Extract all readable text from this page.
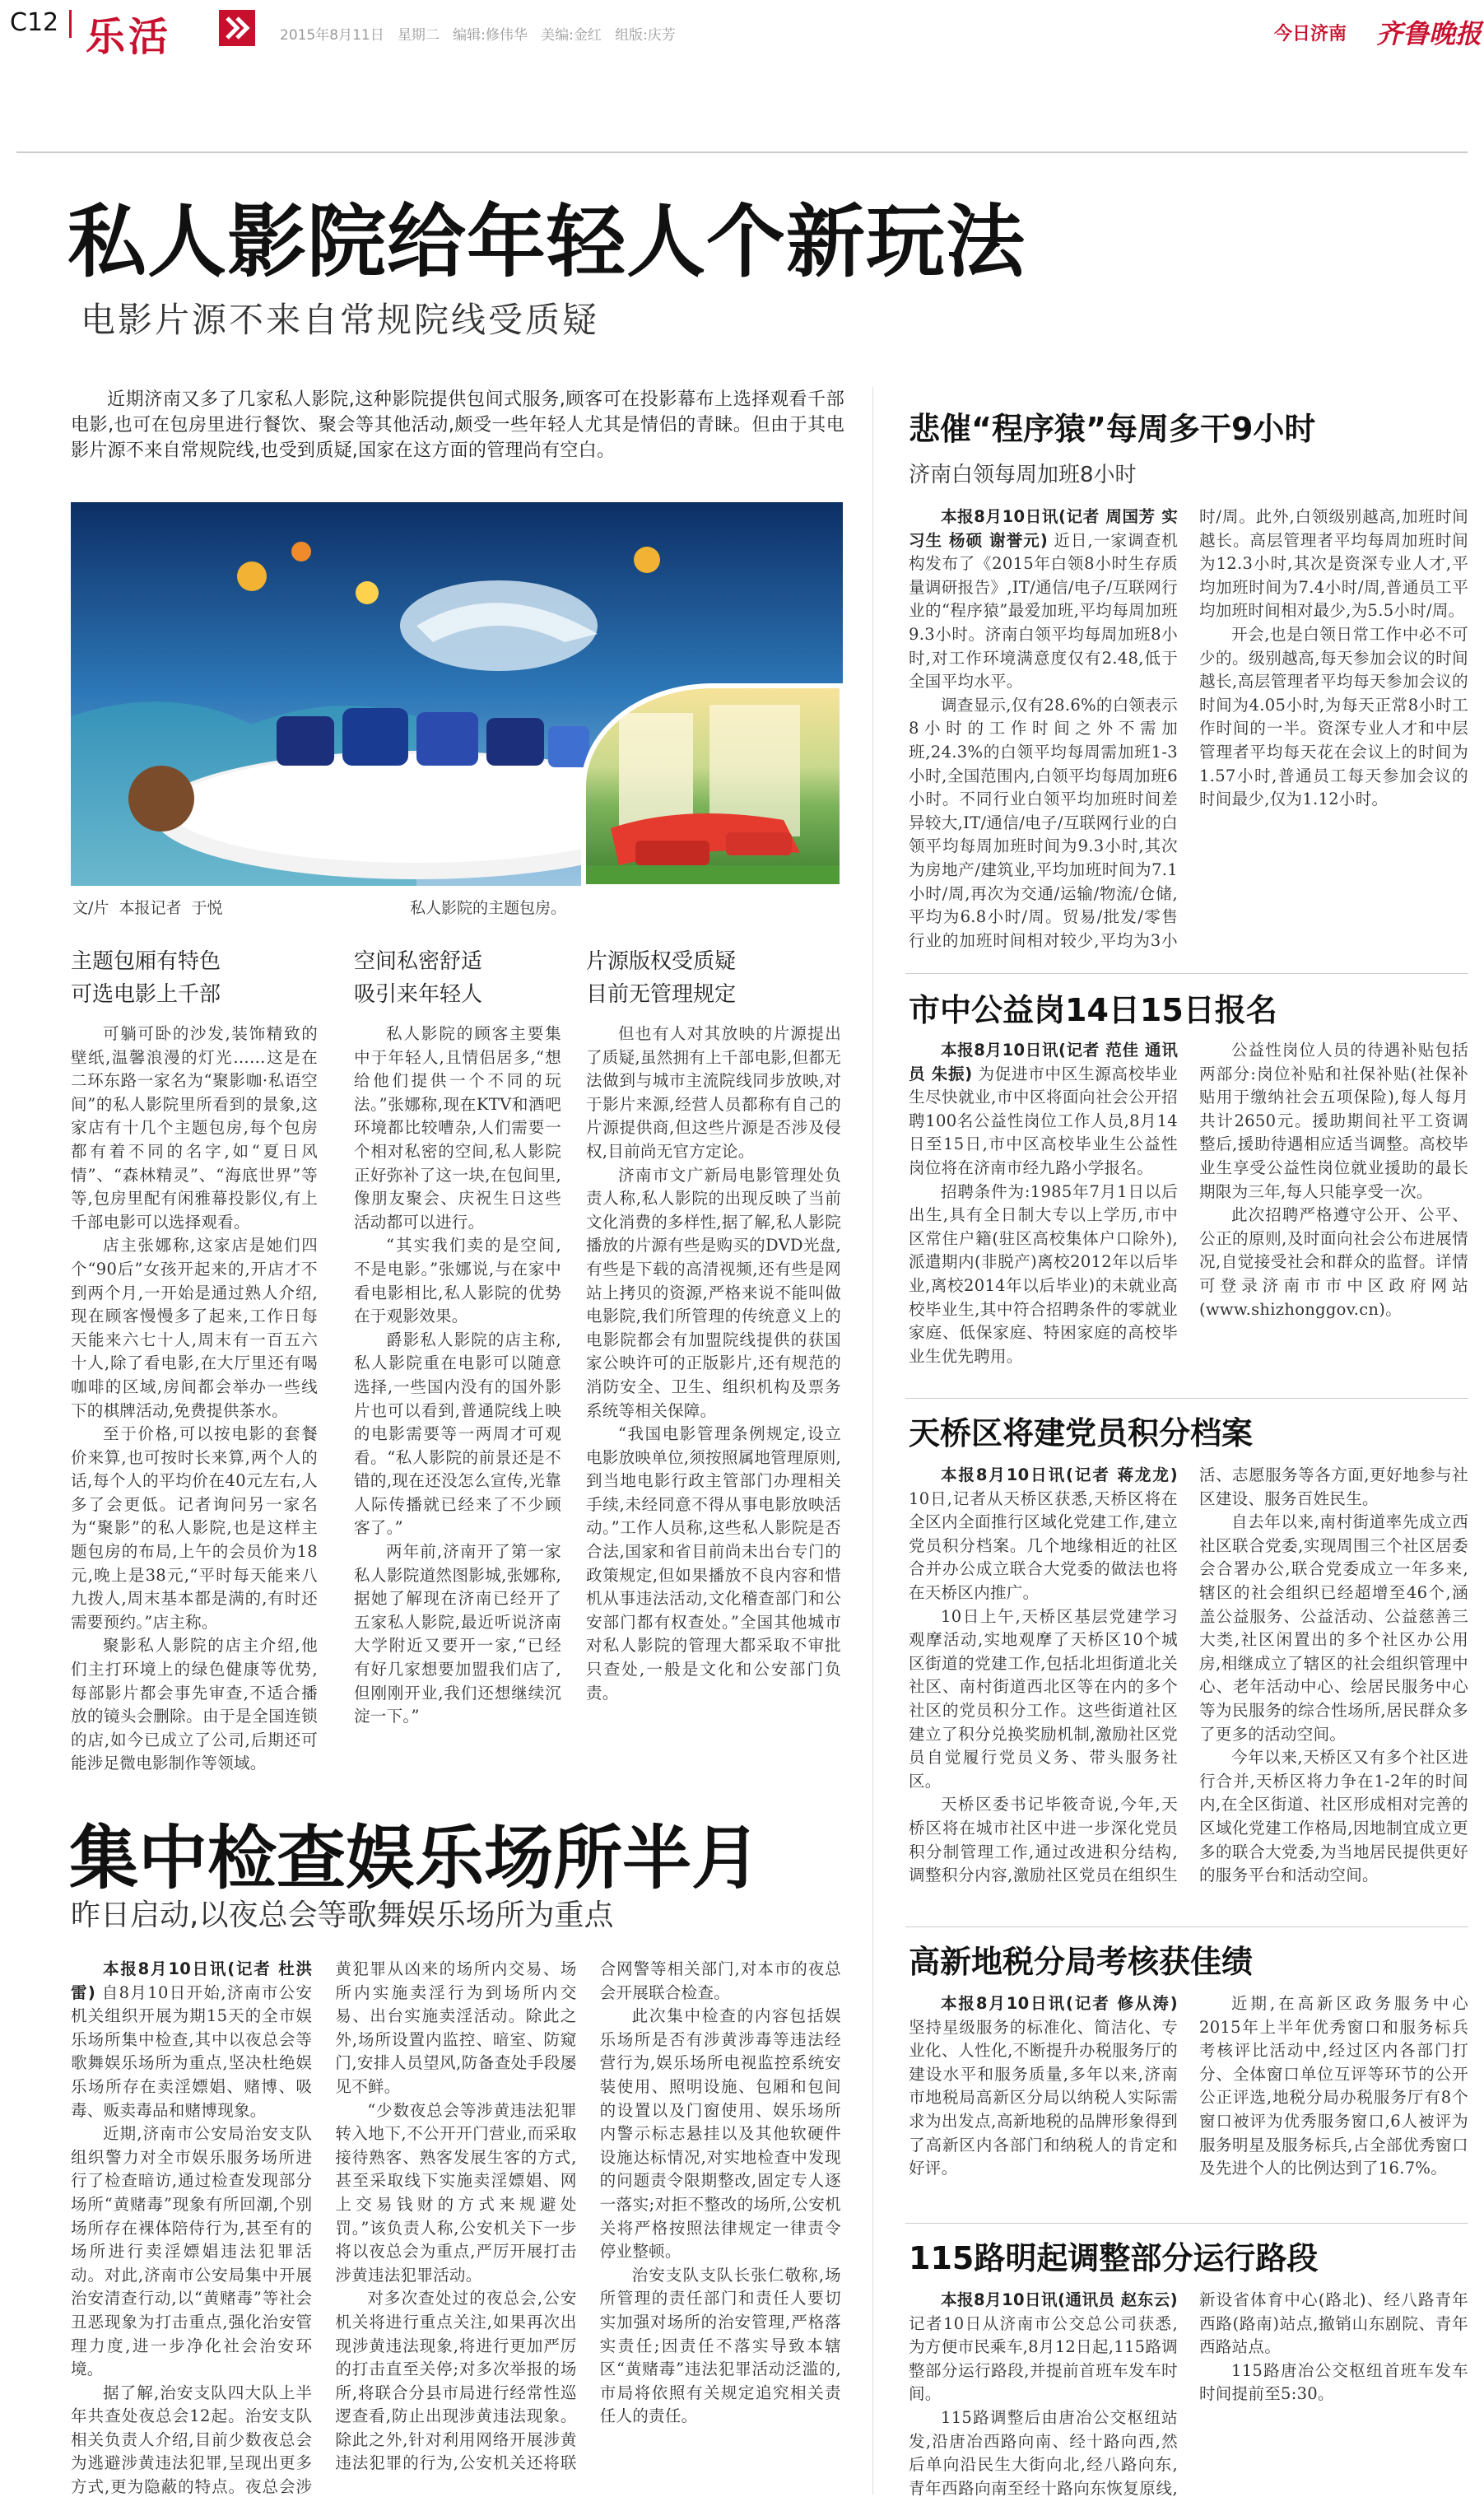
C12 乐活	2015年8月11日 星期二 编辑:修伟华 美编:金红 组版:庆芳	今日济南 齐鲁晚报
私人影院给年轻人个新玩法
电影片源不来自常规院线受质疑

近期济南又多了几家私人影院,这种影院提供包间式服务,顾客可在投影幕布上选择观看千部电影,也可在包房里进行餐饮、聚会等其他活动,颇受一些年轻人尤其是情侣的青睐。但由于其电影片源不来自常规院线,也受到质疑,国家在这方面的管理尚有空白。

文/片  本报记者  于悦	私人影院的主题包房。
主题包厢有特色
可选电影上千部

可躺可卧的沙发,装饰精致的壁纸,温馨浪漫的灯光……这是在二环东路一家名为“聚影咖·私语空间”的私人影院里所看到的景象,这家店有十几个主题包房,每个包房都有着不同的名字,如“夏日风情”、“森林精灵”、“海底世界”等等,包房里配有闲雅幕投影仪,有上千部电影可以选择观看。

店主张娜称,这家店是她们四个“90后”女孩开起来的,开店才不到两个月,一开始是通过熟人介绍,现在顾客慢慢多了起来,工作日每天能来六七十人,周末有一百五六十人,除了看电影,在大厅里还有喝咖啡的区域,房间都会举办一些线下的棋牌活动,免费提供茶水。

至于价格,可以按电影的套餐价来算,也可按时长来算,两个人的话,每个人的平均价在40元左右,人多了会更低。记者询问另一家名为“聚影”的私人影院,也是这样主题包房的布局,上午的会员价为18元,晚上是38元,“平时每天能来八九拨人,周末基本都是满的,有时还需要预约。”店主称。

聚影私人影院的店主介绍,他们主打环境上的绿色健康等优势,每部影片都会事先审查,不适合播放的镜头会删除。由于是全国连锁的店,如今已成立了公司,后期还可能涉足微电影制作等领域。

空间私密舒适
吸引来年轻人

私人影院的顾客主要集中于年轻人,且情侣居多,“想给他们提供一个不同的玩法。”张娜称,现在KTV和酒吧环境都比较嘈杂,人们需要一个相对私密的空间,私人影院正好弥补了这一块,在包间里,像朋友聚会、庆祝生日这些活动都可以进行。

“其实我们卖的是空间,不是电影。”张娜说,与在家中看电影相比,私人影院的优势在于观影效果。

爵影私人影院的店主称,私人影院重在电影可以随意选择,一些国内没有的国外影片也可以看到,普通院线上映的电影需要等一两周才可观看。“私人影院的前景还是不错的,现在还没怎么宣传,光靠人际传播就已经来了不少顾客了。”

两年前,济南开了第一家私人影院道然图影城,张娜称,据她了解现在济南已经开了五家私人影院,最近听说济南大学附近又要开一家,“已经有好几家想要加盟我们店了,但刚刚开业,我们还想继续沉淀一下。”

片源版权受质疑
目前无管理规定

但也有人对其放映的片源提出了质疑,虽然拥有上千部电影,但都无法做到与城市主流院线同步放映,对于影片来源,经营人员都称有自己的片源提供商,但这些片源是否涉及侵权,目前尚无官方定论。

济南市文广新局电影管理处负责人称,私人影院的出现反映了当前文化消费的多样性,据了解,私人影院播放的片源有些是购买的DVD光盘,有些是下载的高清视频,还有些是网站上拷贝的资源,严格来说不能叫做电影院,我们所管理的传统意义上的电影院都会有加盟院线提供的获国家公映许可的正版影片,还有规范的消防安全、卫生、组织机构及票务系统等相关保障。

“我国电影管理条例规定,设立电影放映单位,须按照属地管理原则,到当地电影行政主管部门办理相关手续,未经同意不得从事电影放映活动。”工作人员称,这些私人影院是否合法,国家和省目前尚未出台专门的政策规定,但如果播放不良内容和惜机从事违法活动,文化稽查部门和公安部门都有权查处。”全国其他城市对私人影院的管理大都采取不审批只查处,一般是文化和公安部门负责。

集中检查娱乐场所半月
昨日启动,以夜总会等歌舞娱乐场所为重点

本报8月10日讯(记者 杜洪雷) 自8月10日开始,济南市公安机关组织开展为期15天的全市娱乐场所集中检查,其中以夜总会等歌舞娱乐场所为重点,坚决杜绝娱乐场所存在卖淫嫖娼、赌博、吸毒、贩卖毒品和赌博现象。

近期,济南市公安局治安支队组织警力对全市娱乐服务场所进行了检查暗访,通过检查发现部分场所“黄赌毒”现象有所回潮,个别场所存在裸体陪侍行为,甚至有的场所进行卖淫嫖娼违法犯罪活动。对此,济南市公安局集中开展治安清查行动,以“黄赌毒”等社会丑恶现象为打击重点,强化治安管理力度,进一步净化社会治安环境。

据了解,治安支队四大队上半年共查处夜总会12起。治安支队相关负责人介绍,目前少数夜总会为逃避涉黄违法犯罪,呈现出更多方式,更为隐蔽的特点。夜总会涉黄犯罪从凶来的场所内交易、场所内实施卖淫行为到场所内交易、出台实施卖淫活动。除此之外,场所设置内监控、暗室、防窥门,安排人员望风,防备查处手段屡见不鲜。

“少数夜总会等涉黄违法犯罪转入地下,不公开开门营业,而采取接待熟客、熟客发展生客的方式,甚至采取线下实施卖淫嫖娼、网上交易钱财的方式来规避处罚。”该负责人称,公安机关下一步将以夜总会为重点,严厉开展打击涉黄违法犯罪活动。

对多次查处过的夜总会,公安机关将进行重点关注,如果再次出现涉黄违法现象,将进行更加严厉的打击直至关停;对多次举报的场所,将联合分县市局进行经常性巡逻查看,防止出现涉黄违法现象。除此之外,针对利用网络开展涉黄违法犯罪的行为,公安机关还将联合网警等相关部门,对本市的夜总会开展联合检查。

此次集中检查的内容包括娱乐场所是否有涉黄涉毒等违法经营行为,娱乐场所电视监控系统安装使用、照明设施、包厢和包间的设置以及门窗使用、娱乐场所内警示标志悬挂以及其他软硬件设施达标情况,对实地检查中发现的问题责令限期整改,固定专人逐一落实;对拒不整改的场所,公安机关将严格按照法律规定一律责令停业整顿。

治安支队支队长张仁敬称,场所管理的责任部门和责任人要切实加强对场所的治安管理,严格落实责任;因责任不落实导致本辖区“黄赌毒”违法犯罪活动泛滥的,市局将依照有关规定追究相关责任人的责任。

悲催“程序猿”每周多干9小时
济南白领每周加班8小时

本报8月10日讯(记者 周国芳 实习生 杨硕 谢誉元) 近日,一家调查机构发布了《2015年白领8小时生存质量调研报告》,IT/通信/电子/互联网行业的“程序猿”最爱加班,平均每周加班9.3小时。济南白领平均每周加班8小时,对工作环境满意度仅有2.48,低于全国平均水平。

调查显示,仅有28.6%的白领表示8小时的工作时间之外不需加班,24.3%的白领平均每周需加班1-3小时,全国范围内,白领平均每周加班6小时。不同行业白领平均加班时间差异较大,IT/通信/电子/互联网行业的白领平均每周加班时间为9.3小时,其次为房地产/建筑业,平均加班时间为7.1小时/周,再次为交通/运输/物流/仓储,平均为6.8小时/周。贸易/批发/零售行业的加班时间相对较少,平均为3小时/周。此外,白领级别越高,加班时间越长。高层管理者平均每周加班时间为12.3小时,其次是资深专业人才,平均加班时间为7.4小时/周,普通员工平均加班时间相对最少,为5.5小时/周。

开会,也是白领日常工作中必不可少的。级别越高,每天参加会议的时间越长,高层管理者平均每天参加会议的时间为4.05小时,为每天正常8小时工作时间的一半。资深专业人才和中层管理者平均每天花在会议上的时间为1.57小时,普通员工每天参加会议的时间最少,仅为1.12小时。

市中公益岗14日15日报名

本报8月10日讯(记者 范佳 通讯员 朱振) 为促进市中区生源高校毕业生尽快就业,市中区将面向社会公开招聘100名公益性岗位工作人员,8月14日至15日,市中区高校毕业生公益性岗位将在济南市经九路小学报名。

招聘条件为:1985年7月1日以后出生,具有全日制大专以上学历,市中区常住户籍(驻区高校集体户口除外),派遣期内(非脱产)离校2012年以后毕业,离校2014年以后毕业)的未就业高校毕业生,其中符合招聘条件的零就业家庭、低保家庭、特困家庭的高校毕业生优先聘用。

公益性岗位人员的待遇补贴包括两部分:岗位补贴和社保补贴(社保补贴用于缴纳社会五项保险),每人每月共计2650元。援助期间社平工资调整后,援助待遇相应适当调整。高校毕业生享受公益性岗位就业援助的最长期限为三年,每人只能享受一次。

此次招聘严格遵守公开、公平、公正的原则,及时面向社会公布进展情况,自觉接受社会和群众的监督。详情可登录济南市市中区政府网站(www.shizhonggov.cn)。

天桥区将建党员积分档案

本报8月10日讯(记者 蒋龙龙) 10日,记者从天桥区获悉,天桥区将在全区内全面推行区域化党建工作,建立党员积分档案。几个地缘相近的社区合并办公成立联合大党委的做法也将在天桥区内推广。

10日上午,天桥区基层党建学习观摩活动,实地观摩了天桥区10个城区街道的党建工作,包括北坦街道北关社区、南村街道西北区等在内的多个社区的党员积分工作。这些街道社区建立了积分兑换奖励机制,激励社区党员自觉履行党员义务、带头服务社区。

天桥区委书记毕筱奇说,今年,天桥区将在城市社区中进一步深化党员积分制管理工作,通过改进积分结构,调整积分内容,激励社区党员在组织生活、志愿服务等各方面,更好地参与社区建设、服务百姓民生。

自去年以来,南村街道率先成立西社区联合党委,实现周围三个社区居委会合署办公,联合党委成立一年多来,辖区的社会组织已经超增至46个,涵盖公益服务、公益活动、公益慈善三大类,社区闲置出的多个社区办公用房,相继成立了辖区的社会组织管理中心、老年活动中心、绘居民服务中心等为民服务的综合性场所,居民群众多了更多的活动空间。

今年以来,天桥区又有多个社区进行合并,天桥区将力争在1-2年的时间内,在全区街道、社区形成相对完善的区域化党建工作格局,因地制宜成立更多的联合大党委,为当地居民提供更好的服务平台和活动空间。

高新地税分局考核获佳绩

本报8月10日讯(记者 修从涛) 坚持星级服务的标准化、简洁化、专业化、人性化,不断提升办税服务厅的建设水平和服务质量,多年以来,济南市地税局高新区分局以纳税人实际需求为出发点,高新地税的品牌形象得到了高新区内各部门和纳税人的肯定和好评。

近期,在高新区政务服务中心2015年上半年优秀窗口和服务标兵考核评比活动中,经过区内各部门打分、全体窗口单位互评等环节的公开公正评选,地税分局办税服务厅有8个窗口被评为优秀服务窗口,6人被评为服务明星及服务标兵,占全部优秀窗口及先进个人的比例达到了16.7%。

115路明起调整部分运行路段

本报8月10日讯(通讯员 赵东云) 记者10日从济南市公交总公司获悉,为方便市民乘车,8月12日起,115路调整部分运行路段,并提前首班车发车时间。

115路调整后由唐冶公交枢纽站发,沿唐冶西路向南、经十路向西,然后单向沿民生大街向北,经八路向东,青年西路向南至经十路向东恢复原线,新设省体育中心(路北)、经八路青年西路(路南)站点,撤销山东剧院、青年西路站点。

115路唐冶公交枢纽首班车发车时间提前至5:30。
